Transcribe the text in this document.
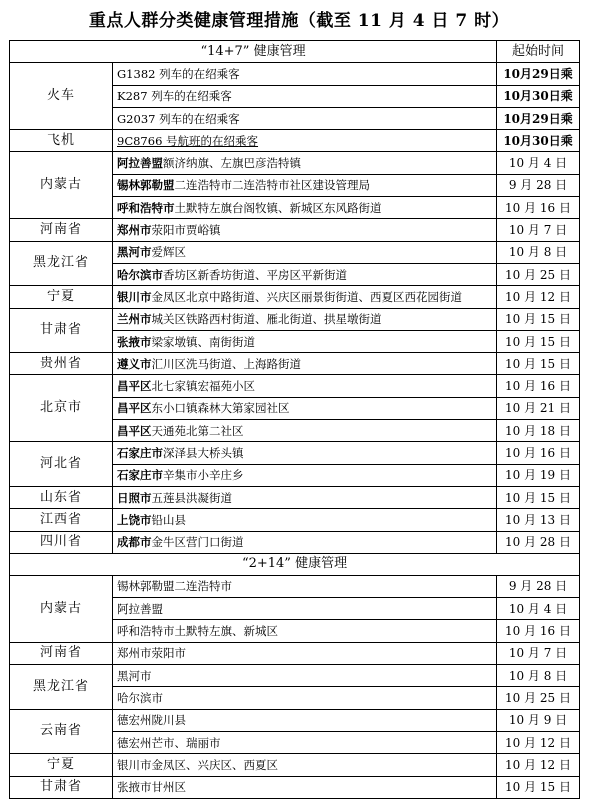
重点人群分类健康管理措施（截至 11 月 4 日 7 时）
“14+7” 健康管理		起始时间
火车	G1382 列车的在绍乘客	10月29日乘
	K287 列车的在绍乘客	10月30日乘
	G2037 列车的在绍乘客	10月29日乘
飞机	9C8766 号航班的在绍乘客	10月30日乘
内蒙古	阿拉善盟额济纳旗、左旗巴彦浩特镇	10 月 4 日
	锡林郭勒盟二连浩特市二连浩特市社区建设管理局	9 月 28 日
	呼和浩特市土默特左旗台阁牧镇、新城区东风路街道	10 月 16 日
河南省	郑州市荥阳市贾峪镇	10 月 7 日
黑龙江省	黑河市爱辉区	10 月 8 日
	哈尔滨市香坊区新香坊街道、平房区平新街道	10 月 25 日
宁夏	银川市金凤区北京中路街道、兴庆区丽景街街道、西夏区西花园街道	10 月 12 日
甘肃省	兰州市城关区铁路西村街道、雁北街道、拱星墩街道	10 月 15 日
	张掖市梁家墩镇、南街街道	10 月 15 日
贵州省	遵义市汇川区洗马街道、上海路街道	10 月 15 日
北京市	昌平区北七家镇宏福苑小区	10 月 16 日
	昌平区东小口镇森林大第家园社区	10 月 21 日
	昌平区天通苑北第二社区	10 月 18 日
河北省	石家庄市深泽县大桥头镇	10 月 16 日
	石家庄市辛集市小辛庄乡	10 月 19 日
山东省	日照市五莲县洪凝街道	10 月 15 日
江西省	上饶市铅山县	10 月 13 日
四川省	成都市金牛区营门口街道	10 月 28 日
“2+14” 健康管理		
内蒙古	锡林郭勒盟二连浩特市	9 月 28 日
	阿拉善盟	10 月 4 日
	呼和浩特市土默特左旗、新城区	10 月 16 日
河南省	郑州市荥阳市	10 月 7 日
黑龙江省	黑河市	10 月 8 日
	哈尔滨市	10 月 25 日
云南省	德宏州陇川县	10 月 9 日
	德宏州芒市、瑞丽市	10 月 12 日
宁夏	银川市金凤区、兴庆区、西夏区	10 月 12 日
甘肃省	张掖市甘州区	10 月 15 日
